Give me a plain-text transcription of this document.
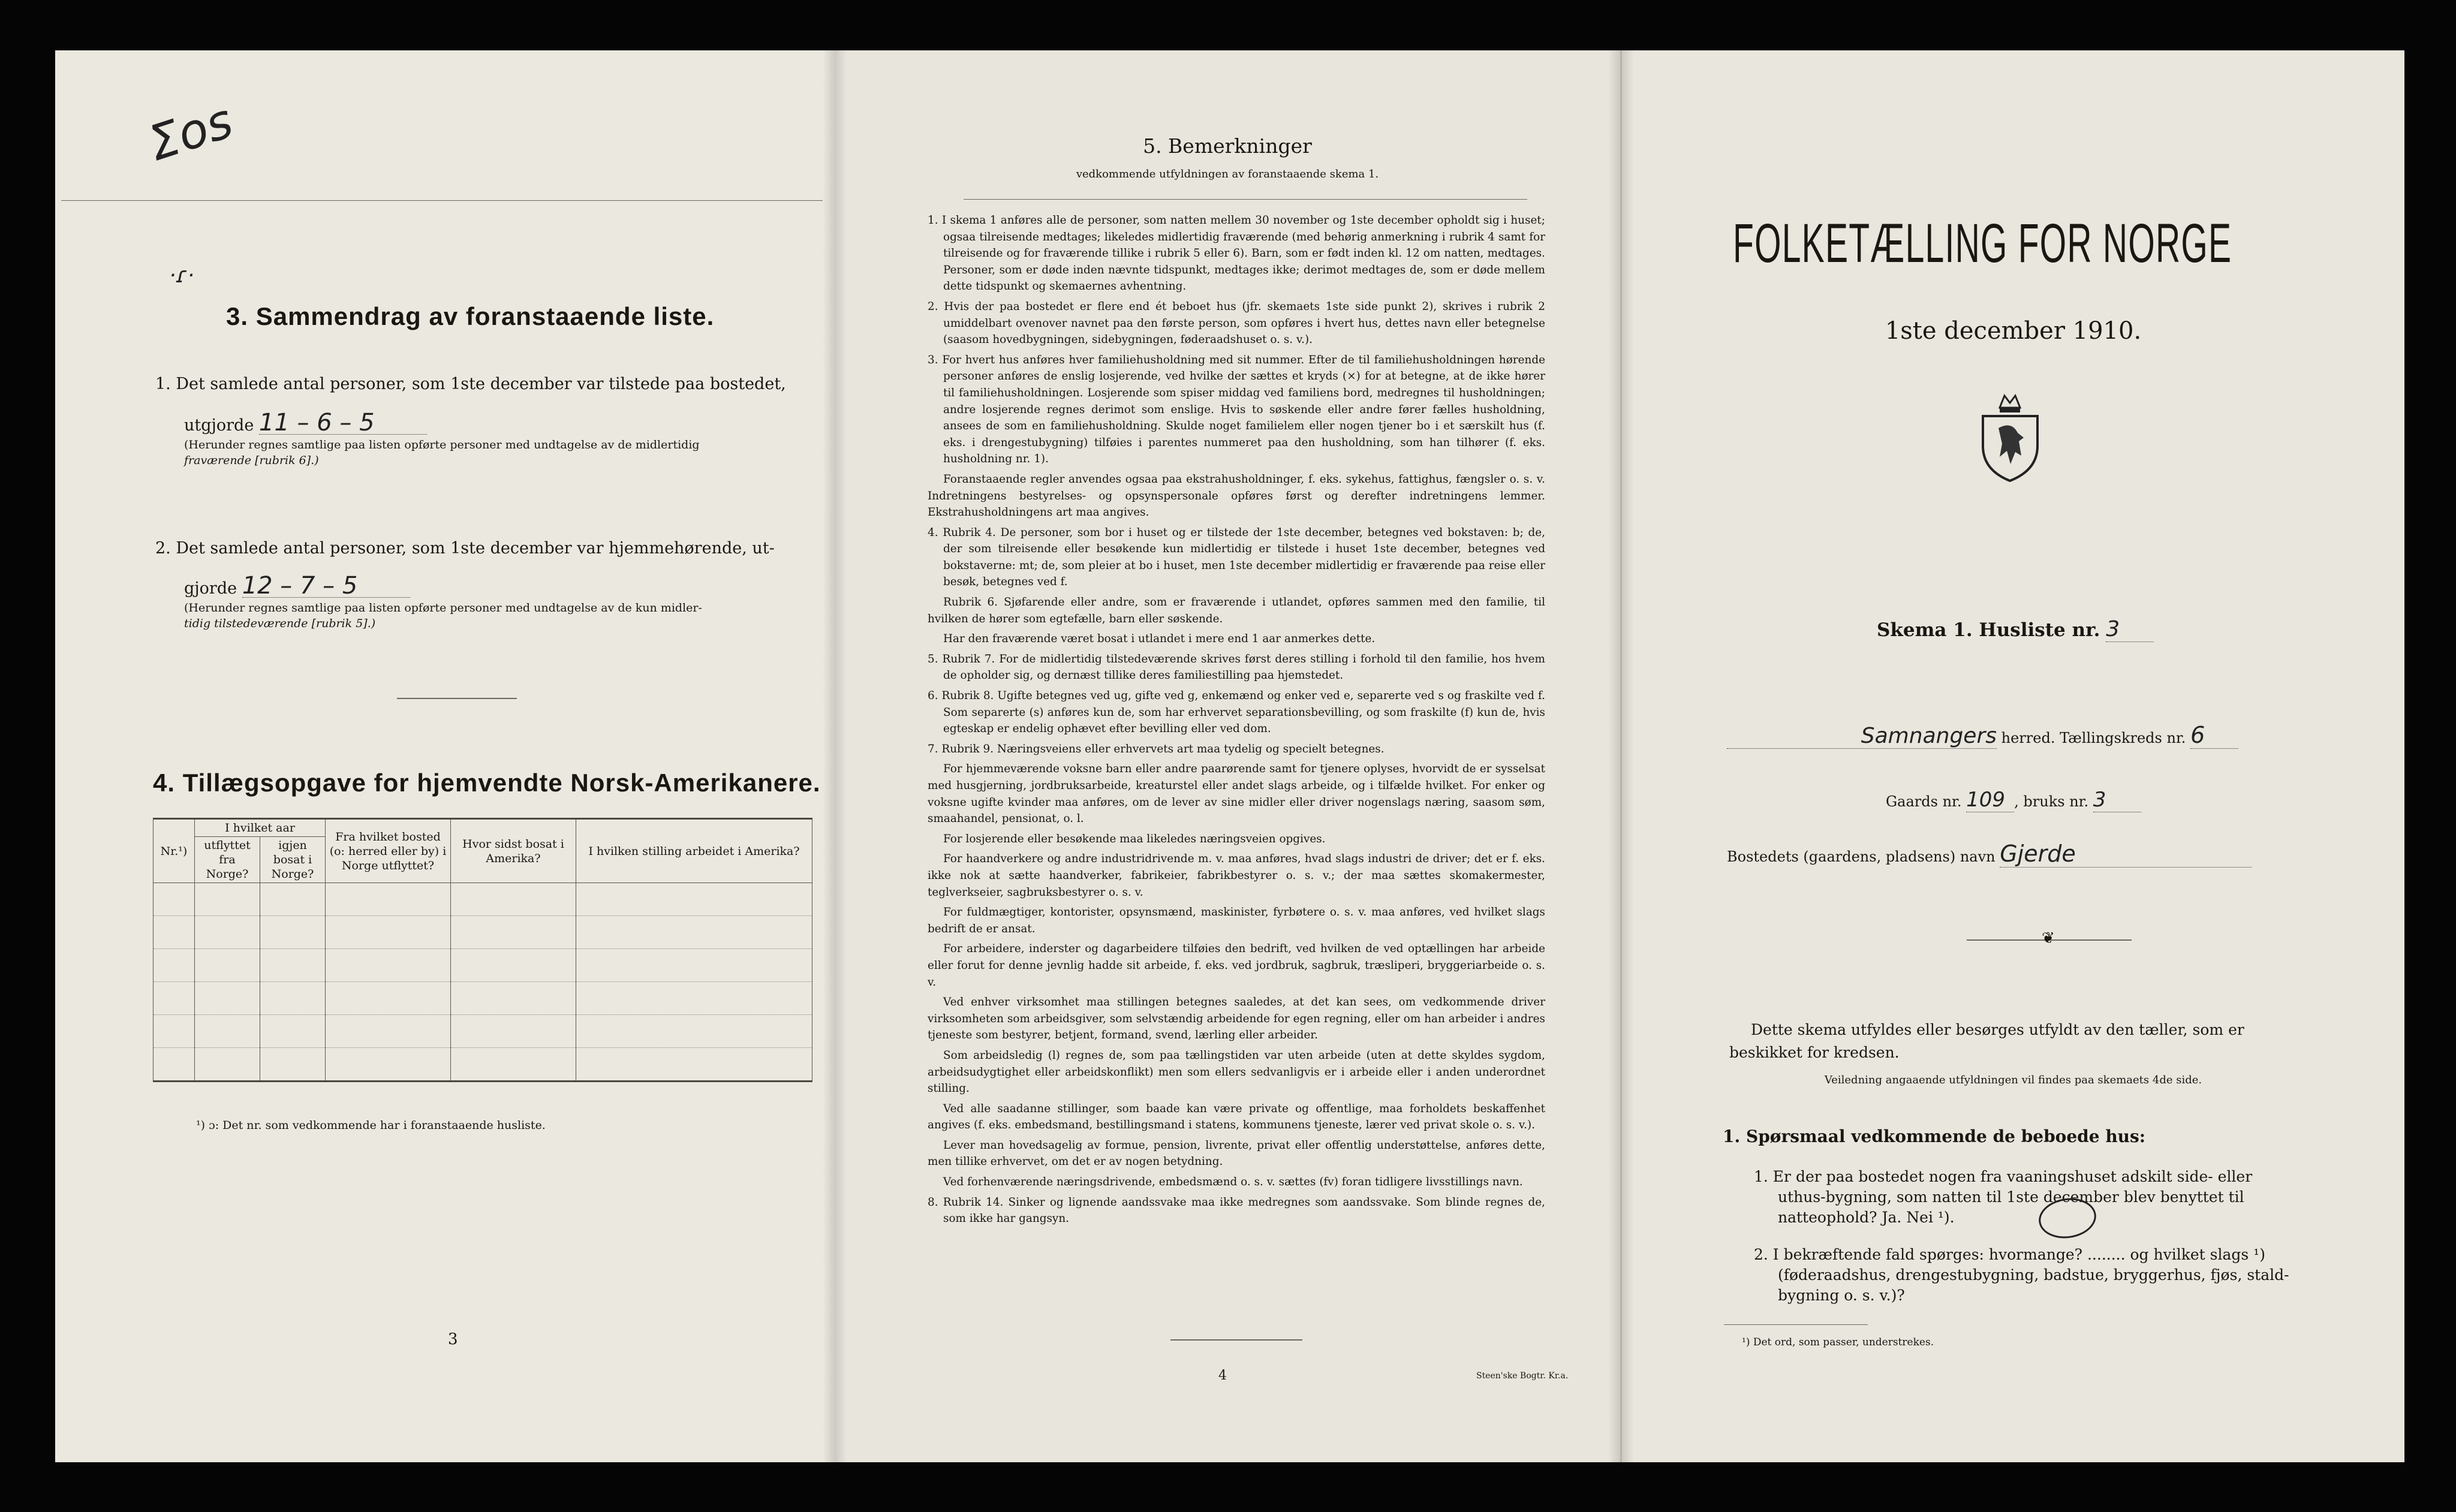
Ʃos
·ɾ·
3. Sammendrag av foranstaaende liste.
1. Det samlede antal personer, som 1ste december var tilstede paa bostedet,
utgjorde 11 – 6 – 5
(Herunder regnes samtlige paa listen opførte personer med undtagelse av de midlertidig
fraværende [rubrik 6].)
2. Det samlede antal personer, som 1ste december var hjemmehørende, ut-
gjorde 12 – 7 – 5
(Herunder regnes samtlige paa listen opførte personer med undtagelse av de kun midler-
tidig tilstedeværende [rubrik 5].)
4. Tillægsopgave for hjemvendte Norsk-Amerikanere.
Nr.¹)	I hvilket aar		Fra hvilket bosted (o: herred eller by) i Norge utflyttet?	Hvor sidst bosat i Amerika?	I hvilken stilling arbeidet i Amerika?
	utflyttet fra Norge?	igjen bosat i Norge?			

¹) ɔ: Det nr. som vedkommende har i foranstaaende husliste.
3
5. Bemerkninger
vedkommende utfyldningen av foranstaaende skema 1.

1. I skema 1 anføres alle de personer, som natten mellem 30 november og 1ste december opholdt sig i huset; ogsaa tilreisende medtages; likeledes midlertidig fraværende (med behørig anmerkning i rubrik 4 samt for tilreisende og for fraværende tillike i rubrik 5 eller 6). Barn, som er født inden kl. 12 om natten, medtages. Personer, som er døde inden nævnte tidspunkt, medtages ikke; derimot medtages de, som er døde mellem dette tidspunkt og skemaernes avhentning.

2. Hvis der paa bostedet er flere end ét beboet hus (jfr. skemaets 1ste side punkt 2), skrives i rubrik 2 umiddelbart ovenover navnet paa den første person, som opføres i hvert hus, dettes navn eller betegnelse (saasom hovedbygningen, sidebygningen, føderaadshuset o. s. v.).

3. For hvert hus anføres hver familiehusholdning med sit nummer. Efter de til familiehusholdningen hørende personer anføres de enslig losjerende, ved hvilke der sættes et kryds (×) for at betegne, at de ikke hører til familiehusholdningen. Losjerende som spiser middag ved familiens bord, medregnes til husholdningen; andre losjerende regnes derimot som enslige. Hvis to søskende eller andre fører fælles husholdning, ansees de som en familiehusholdning. Skulde noget familielem eller nogen tjener bo i et særskilt hus (f. eks. i drengestubygning) tilføies i parentes nummeret paa den husholdning, som han tilhører (f. eks. husholdning nr. 1).

Foranstaaende regler anvendes ogsaa paa ekstrahusholdninger, f. eks. sykehus, fattighus, fængsler o. s. v. Indretningens bestyrelses- og opsynspersonale opføres først og derefter indretningens lemmer. Ekstrahusholdningens art maa angives.

4. Rubrik 4. De personer, som bor i huset og er tilstede der 1ste december, betegnes ved bokstaven: b; de, der som tilreisende eller besøkende kun midlertidig er tilstede i huset 1ste december, betegnes ved bokstaverne: mt; de, som pleier at bo i huset, men 1ste december midlertidig er fraværende paa reise eller besøk, betegnes ved f.

Rubrik 6. Sjøfarende eller andre, som er fraværende i utlandet, opføres sammen med den familie, til hvilken de hører som egtefælle, barn eller søskende.

Har den fraværende været bosat i utlandet i mere end 1 aar anmerkes dette.

5. Rubrik 7. For de midlertidig tilstedeværende skrives først deres stilling i forhold til den familie, hos hvem de opholder sig, og dernæst tillike deres familiestilling paa hjemstedet.

6. Rubrik 8. Ugifte betegnes ved ug, gifte ved g, enkemænd og enker ved e, separerte ved s og fraskilte ved f. Som separerte (s) anføres kun de, som har erhvervet separationsbevilling, og som fraskilte (f) kun de, hvis egteskap er endelig ophævet efter bevilling eller ved dom.

7. Rubrik 9. Næringsveiens eller erhvervets art maa tydelig og specielt betegnes.

For hjemmeværende voksne barn eller andre paarørende samt for tjenere oplyses, hvorvidt de er sysselsat med husgjerning, jordbruksarbeide, kreaturstel eller andet slags arbeide, og i tilfælde hvilket. For enker og voksne ugifte kvinder maa anføres, om de lever av sine midler eller driver nogenslags næring, saasom søm, smaahandel, pensionat, o. l.

For losjerende eller besøkende maa likeledes næringsveien opgives.

For haandverkere og andre industridrivende m. v. maa anføres, hvad slags industri de driver; det er f. eks. ikke nok at sætte haandverker, fabrikeier, fabrikbestyrer o. s. v.; der maa sættes skomakermester, teglverkseier, sagbruksbestyrer o. s. v.

For fuldmægtiger, kontorister, opsynsmænd, maskinister, fyrbøtere o. s. v. maa anføres, ved hvilket slags bedrift de er ansat.

For arbeidere, inderster og dagarbeidere tilføies den bedrift, ved hvilken de ved optællingen har arbeide eller forut for denne jevnlig hadde sit arbeide, f. eks. ved jordbruk, sagbruk, træsliperi, bryggeriarbeide o. s. v.

Ved enhver virksomhet maa stillingen betegnes saaledes, at det kan sees, om vedkommende driver virksomheten som arbeidsgiver, som selvstændig arbeidende for egen regning, eller om han arbeider i andres tjeneste som bestyrer, betjent, formand, svend, lærling eller arbeider.

Som arbeidsledig (l) regnes de, som paa tællingstiden var uten arbeide (uten at dette skyldes sygdom, arbeidsudygtighet eller arbeidskonflikt) men som ellers sedvanligvis er i arbeide eller i anden underordnet stilling.

Ved alle saadanne stillinger, som baade kan være private og offentlige, maa forholdets beskaffenhet angives (f. eks. embedsmand, bestillingsmand i statens, kommunens tjeneste, lærer ved privat skole o. s. v.).

Lever man hovedsagelig av formue, pension, livrente, privat eller offentlig understøttelse, anføres dette, men tillike erhvervet, om det er av nogen betydning.

Ved forhenværende næringsdrivende, embedsmænd o. s. v. sættes (fv) foran tidligere livsstillings navn.

8. Rubrik 14. Sinker og lignende aandssvake maa ikke medregnes som aandssvake. Som blinde regnes de, som ikke har gangsyn.

4	Steen'ske Bogtr. Kr.a.
FOLKETÆLLING FOR NORGE
1ste december 1910.
Skema 1. Husliste nr. 3
Samnangers herred. Tællingskreds nr. 6
Gaards nr. 109 , bruks nr. 3
Bostedets (gaardens, pladsens) navn Gjerde
❦
Dette skema utfyldes eller besørges utfyldt av den tæller, som er
beskikket for kredsen.
Veiledning angaaende utfyldningen vil findes paa skemaets 4de side.
1. Spørsmaal vedkommende de beboede hus:
1. Er der paa bostedet nogen fra vaaningshuset adskilt side- eller
uthus-bygning, som natten til 1ste december blev benyttet til
natteophold? Ja. Nei ¹).
2. I bekræftende fald spørges: hvormange? ........ og hvilket slags ¹)
(føderaadshus, drengestubygning, badstue, bryggerhus, fjøs, stald-
bygning o. s. v.)?
¹) Det ord, som passer, understrekes.
